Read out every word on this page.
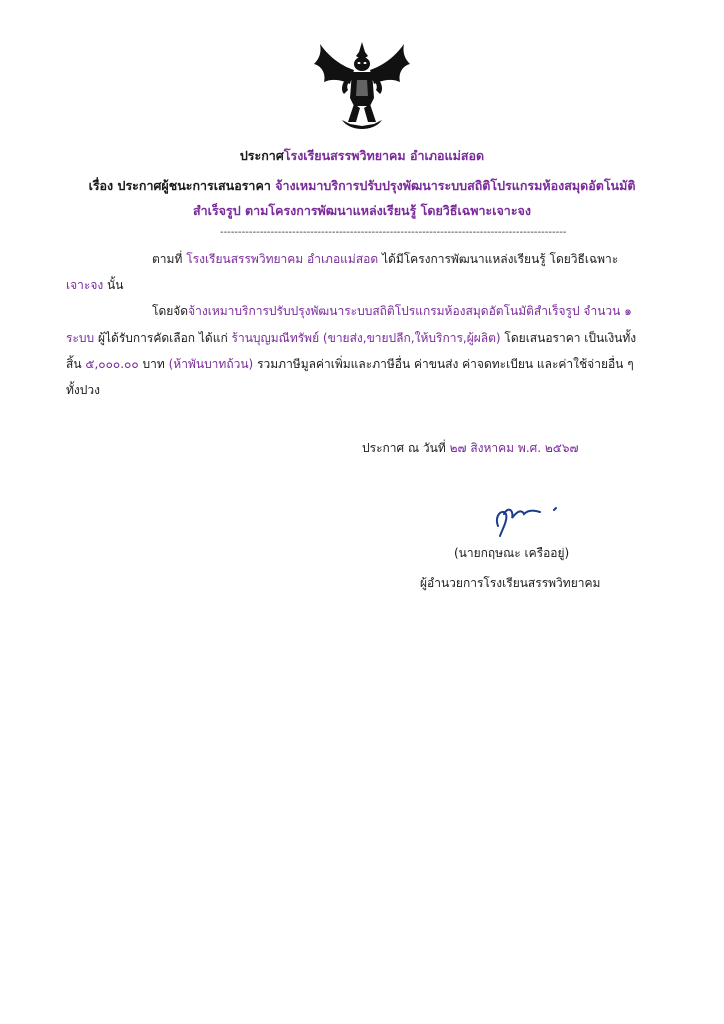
ประกาศโรงเรียนสรรพวิทยาคม อำเภอแม่สอด
เรื่อง ประกาศผู้ชนะการเสนอราคา จ้างเหมาบริการปรับปรุงพัฒนาระบบสถิติโปรแกรมห้องสมุดอัตโนมัติ
สำเร็จรูป ตามโครงการพัฒนาแหล่งเรียนรู้ โดยวิธีเฉพาะเจาะจง
------------------------------------------------------------------------------------------------
ตามที่ โรงเรียนสรรพวิทยาคม อำเภอแม่สอด ได้มีโครงการพัฒนาแหล่งเรียนรู้ โดยวิธีเฉพาะ
เจาะจง นั้น
โดยจัดจ้างเหมาบริการปรับปรุงพัฒนาระบบสถิติโปรแกรมห้องสมุดอัตโนมัติสำเร็จรูป จำนวน ๑
ระบบ ผู้ได้รับการคัดเลือก ได้แก่ ร้านบุญมณีทรัพย์ (ขายส่ง,ขายปลีก,ให้บริการ,ผู้ผลิต) โดยเสนอราคา เป็นเงินทั้ง
สิ้น ๕,๐๐๐.๐๐ บาท (ห้าพันบาทถ้วน) รวมภาษีมูลค่าเพิ่มและภาษีอื่น ค่าขนส่ง ค่าจดทะเบียน และค่าใช้จ่ายอื่น ๆ
ทั้งปวง
ประกาศ ณ วันที่ ๒๗ สิงหาคม พ.ศ. ๒๕๖๗
(นายกฤษณะ เครืออยู่)
ผู้อำนวยการโรงเรียนสรรพวิทยาคม
